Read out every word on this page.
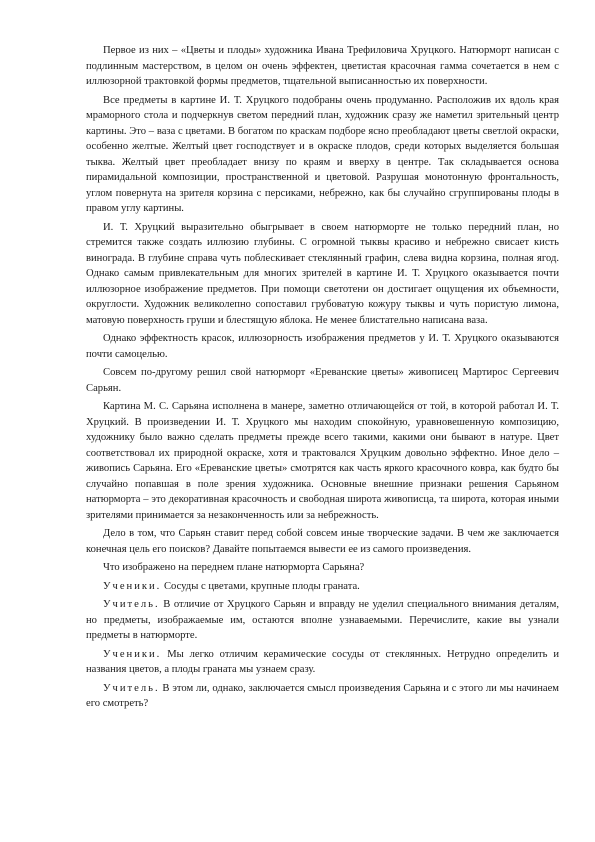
Первое из них – «Цветы и плоды» художника Ивана Трефиловича Хруцкого. Натюрморт написан с подлинным мастерством, в целом он очень эффектен, цветистая красочная гамма сочетается в нем с иллюзорной трактовкой формы предметов, тщательной выписанностью их поверхности.

Все предметы в картине И. Т. Хруцкого подобраны очень продуманно. Расположив их вдоль края мраморного стола и подчеркнув светом передний план, художник сразу же наметил зрительный центр картины. Это – ваза с цветами. В богатом по краскам подборе ясно преобладают цветы светлой окраски, особенно желтые. Желтый цвет господствует и в окраске плодов, среди которых выделяется большая тыква. Желтый цвет преобладает внизу по краям и вверху в центре. Так складывается основа пирамидальной композиции, пространственной и цветовой. Разрушая монотонную фронтальность, углом повернута на зрителя корзина с персиками, небрежно, как бы случайно сгруппированы плоды в правом углу картины.

И. Т. Хруцкий выразительно обыгрывает в своем натюрморте не только передний план, но стремится также создать иллюзию глубины. С огромной тыквы красиво и небрежно свисает кисть винограда. В глубине справа чуть поблескивает стеклянный графин, слева видна корзина, полная ягод. Однако самым привлекательным для многих зрителей в картине И. Т. Хруцкого оказывается почти иллюзорное изображение предметов. При помощи светотени он достигает ощущения их объемности, округлости. Художник великолепно сопоставил грубоватую кожуру тыквы и чуть пористую лимона, матовую поверхность груши и блестящую яблока. Не менее блистательно написана ваза.

Однако эффектность красок, иллюзорность изображения предметов у И. Т. Хруцкого оказываются почти самоцелью.

Совсем по-другому решил свой натюрморт «Ереванские цветы» живописец Мартирос Сергеевич Сарьян.

Картина М. С. Сарьяна исполнена в манере, заметно отличающейся от той, в которой работал И. Т. Хруцкий. В произведении И. Т. Хруцкого мы находим спокойную, уравновешенную композицию, художнику было важно сделать предметы прежде всего такими, какими они бывают в натуре. Цвет соответствовал их природной окраске, хотя и трактовался Хруцким довольно эффектно. Иное дело – живопись Сарьяна. Его «Ереванские цветы» смотрятся как часть яркого красочного ковра, как будто бы случайно попавшая в поле зрения художника. Основные внешние признаки решения Сарьяном натюрморта – это декоративная красочность и свободная широта живописца, та широта, которая иными зрителями принимается за незаконченность или за небрежность.

Дело в том, что Сарьян ставит перед собой совсем иные творческие задачи. В чем же заключается конечная цель его поисков? Давайте попытаемся вывести ее из самого произведения.

Что изображено на переднем плане натюрморта Сарьяна?

Ученики. Сосуды с цветами, крупные плоды граната.

Учитель. В отличие от Хруцкого Сарьян и вправду не уделил специального внимания деталям, но предметы, изображаемые им, остаются вполне узнаваемыми. Перечислите, какие вы узнали предметы в натюрморте.

Ученики. Мы легко отличим керамические сосуды от стеклянных. Нетрудно определить и названия цветов, а плоды граната мы узнаем сразу.

Учитель. В этом ли, однако, заключается смысл произведения Сарьяна и с этого ли мы начинаем его смотреть?
